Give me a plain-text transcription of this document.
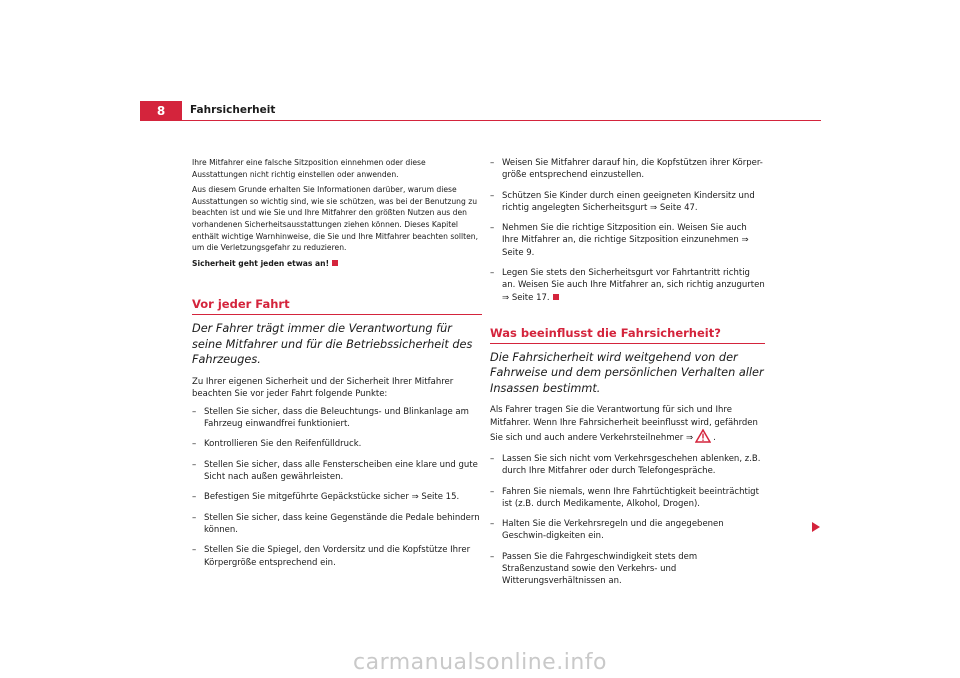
8	Fahrsicherheit

Ihre Mitfahrer eine falsche Sitzposition einnehmen oder diese Ausstattungen nicht richtig einstellen oder anwenden.

Aus diesem Grunde erhalten Sie Informationen darüber, warum diese Ausstattungen so wichtig sind, wie sie schützen, was bei der Benutzung zu beachten ist und wie Sie und Ihre Mitfahrer den größten Nutzen aus den vorhandenen Sicherheitsausstattungen ziehen können. Dieses Kapitel enthält wichtige Warnhinweise, die Sie und Ihre Mitfahrer beachten sollten, um die Verletzungsgefahr zu reduzieren.

Sicherheit geht jeden etwas an!

Vor jeder Fahrt

Der Fahrer trägt immer die Verantwortung für seine Mitfahrer und für die Betriebssicherheit des Fahrzeuges.

Zu Ihrer eigenen Sicherheit und der Sicherheit Ihrer Mitfahrer beachten Sie vor jeder Fahrt folgende Punkte:

– Stellen Sie sicher, dass die Beleuchtungs- und Blinkanlage am Fahrzeug einwandfrei funktioniert.
– Kontrollieren Sie den Reifenfülldruck.
– Stellen Sie sicher, dass alle Fensterscheiben eine klare und gute Sicht nach außen gewährleisten.
– Befestigen Sie mitgeführte Gepäckstücke sicher ⇒ Seite 15.
– Stellen Sie sicher, dass keine Gegenstände die Pedale behindern können.
– Stellen Sie die Spiegel, den Vordersitz und die Kopfstütze Ihrer Körpergröße entsprechend ein.
– Weisen Sie Mitfahrer darauf hin, die Kopfstützen ihrer Körper-größe entsprechend einzustellen.
– Schützen Sie Kinder durch einen geeigneten Kindersitz und richtig angelegten Sicherheitsgurt ⇒ Seite 47.
– Nehmen Sie die richtige Sitzposition ein. Weisen Sie auch Ihre Mitfahrer an, die richtige Sitzposition einzunehmen ⇒ Seite 9.
– Legen Sie stets den Sicherheitsgurt vor Fahrtantritt richtig an. Weisen Sie auch Ihre Mitfahrer an, sich richtig anzugurten ⇒ Seite 17.
Was beeinflusst die Fahrsicherheit?

Die Fahrsicherheit wird weitgehend von der Fahrweise und dem persönlichen Verhalten aller Insassen bestimmt.

Als Fahrer tragen Sie die Verantwortung für sich und Ihre Mitfahrer. Wenn Ihre Fahrsicherheit beeinflusst wird, gefährden Sie sich und auch andere Verkehrsteilnehmer ⇒ .

– Lassen Sie sich nicht vom Verkehrsgeschehen ablenken, z.B. durch Ihre Mitfahrer oder durch Telefongespräche.
– Fahren Sie niemals, wenn Ihre Fahrtüchtigkeit beeinträchtigt ist (z.B. durch Medikamente, Alkohol, Drogen).
– Halten Sie die Verkehrsregeln und die angegebenen Geschwin-digkeiten ein.
– Passen Sie die Fahrgeschwindigkeit stets dem Straßenzustand sowie den Verkehrs- und Witterungsverhältnissen an.
carmanualsonline.info
